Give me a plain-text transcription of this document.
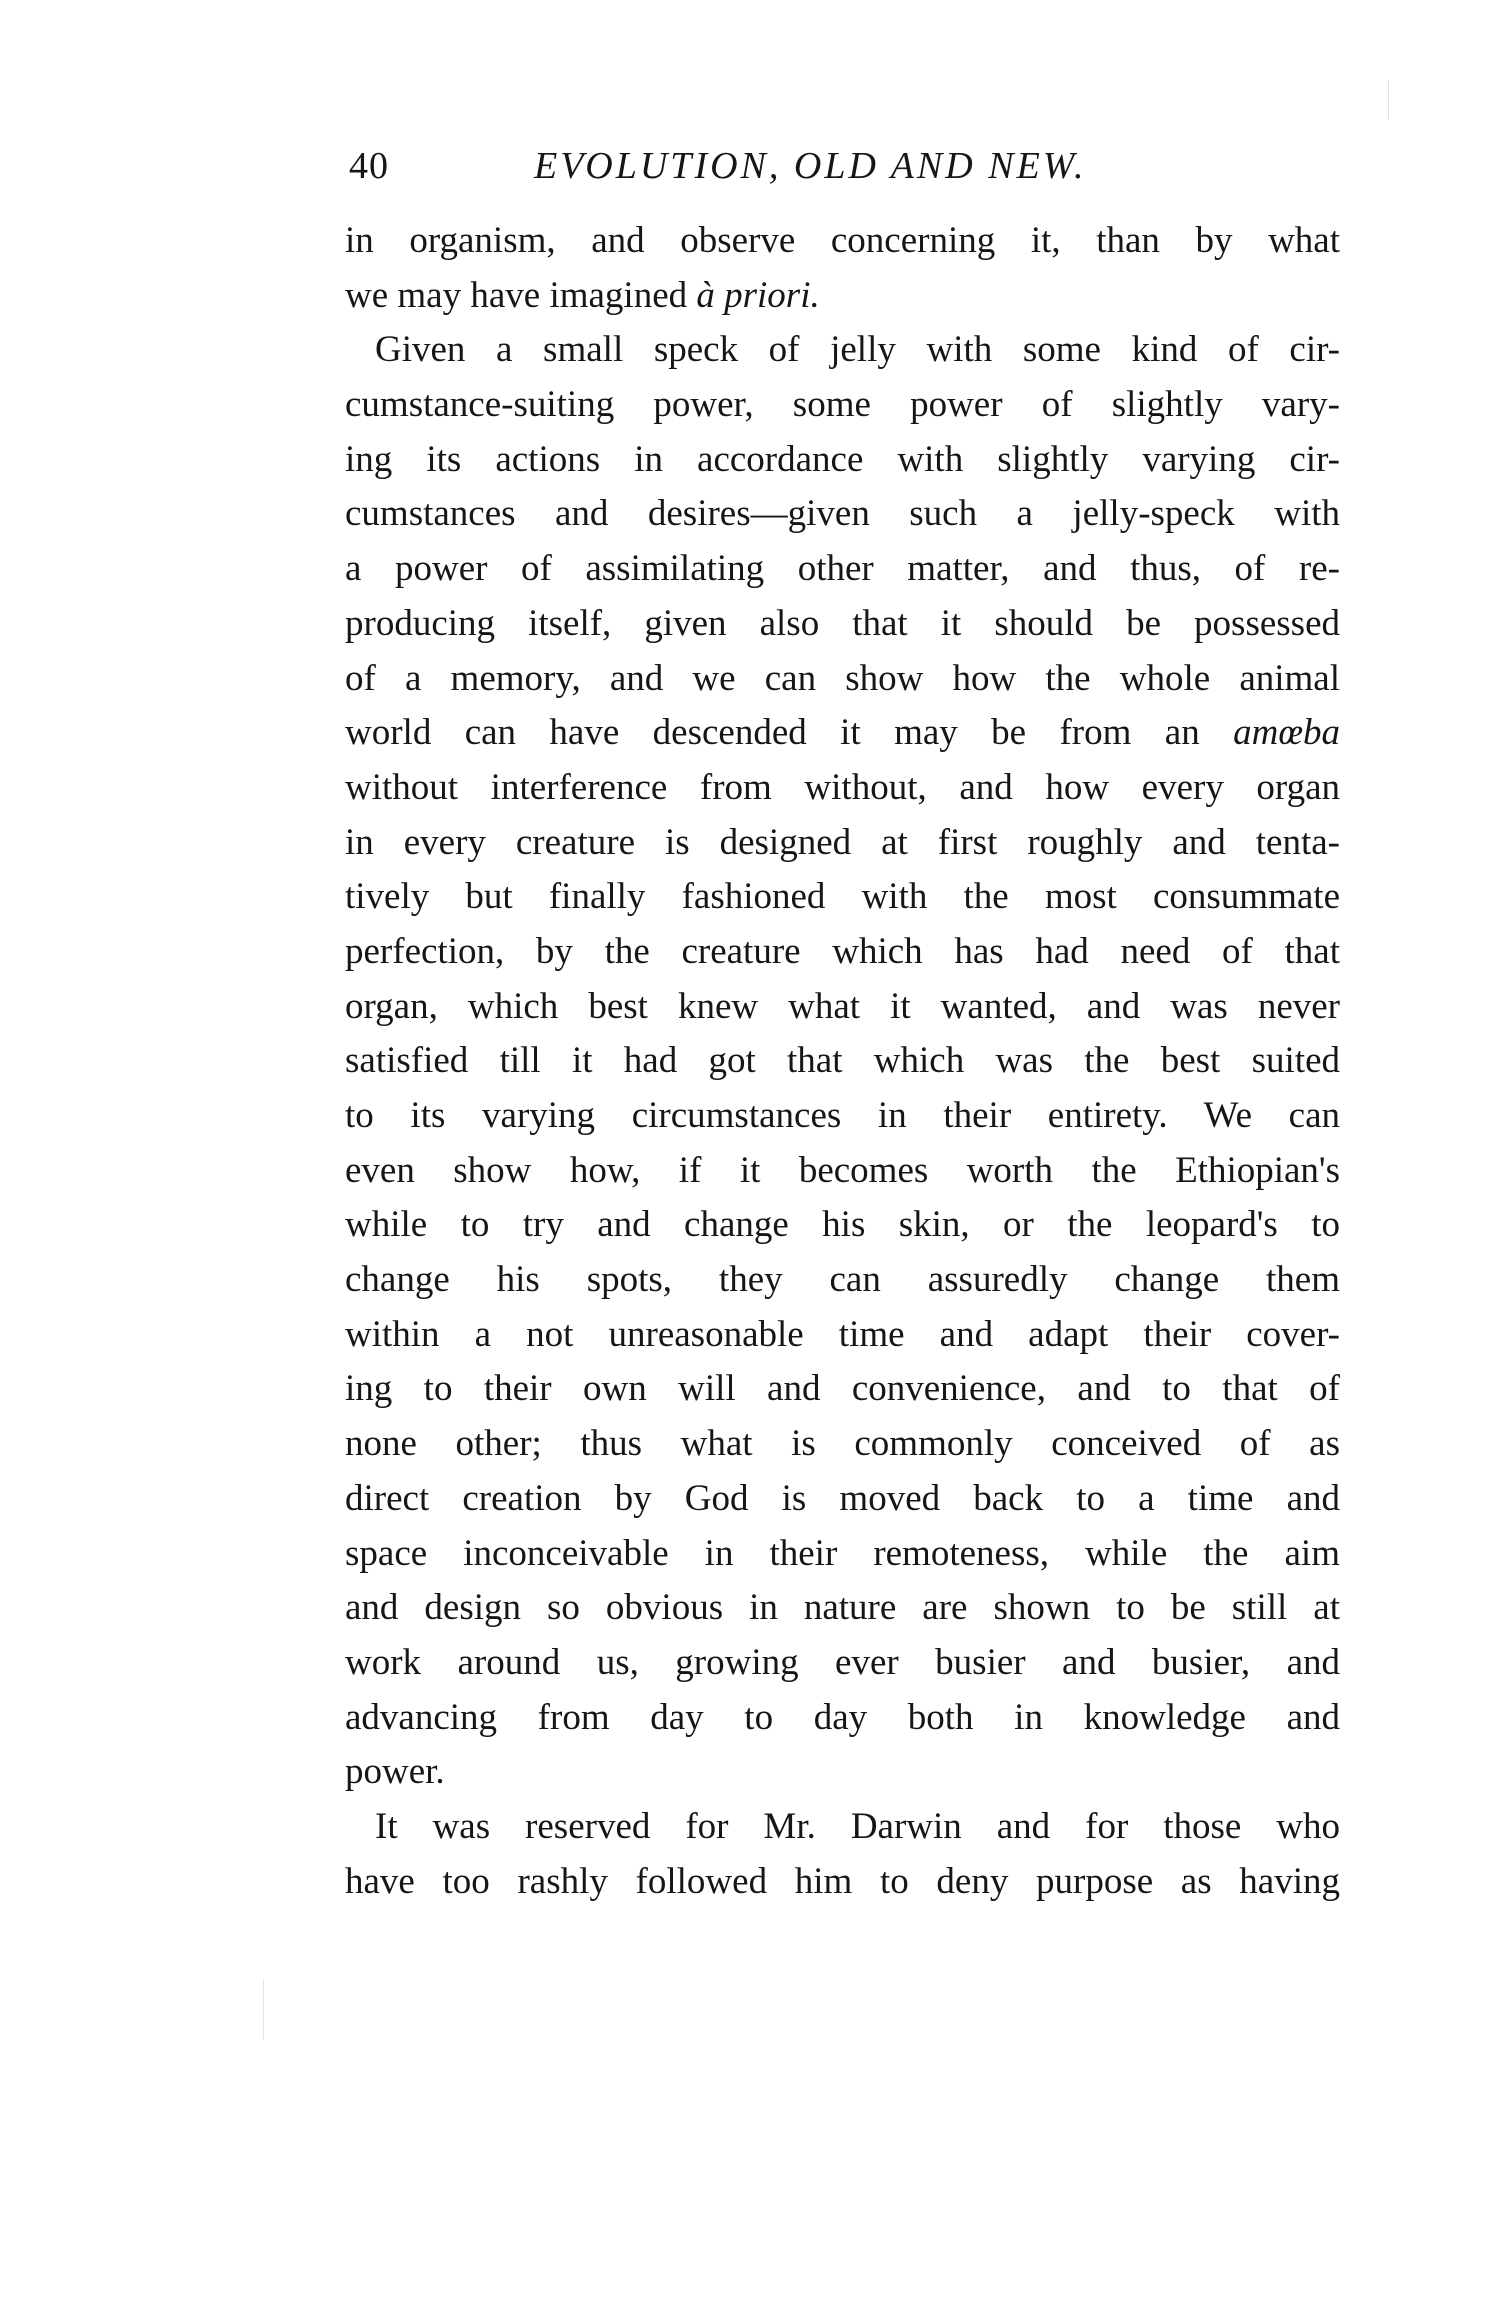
40	EVOLUTION, OLD AND NEW.
in organism, and observe concerning it, than by what
we may have imagined à priori.
Given a small speck of jelly with some kind of cir-
cumstance-suiting power, some power of slightly vary-
ing its actions in accordance with slightly varying cir-
cumstances and desires—given such a jelly-speck with
a power of assimilating other matter, and thus, of re-
producing itself, given also that it should be possessed
of a memory, and we can show how the whole animal
world can have descended it may be from an amœba
without interference from without, and how every organ
in every creature is designed at first roughly and tenta-
tively but finally fashioned with the most consummate
perfection, by the creature which has had need of that
organ, which best knew what it wanted, and was never
satisfied till it had got that which was the best suited
to its varying circumstances in their entirety. We can
even show how, if it becomes worth the Ethiopian's
while to try and change his skin, or the leopard's to
change his spots, they can assuredly change them
within a not unreasonable time and adapt their cover-
ing to their own will and convenience, and to that of
none other; thus what is commonly conceived of as
direct creation by God is moved back to a time and
space inconceivable in their remoteness, while the aim
and design so obvious in nature are shown to be still at
work around us, growing ever busier and busier, and
advancing from day to day both in knowledge and
power.
It was reserved for Mr. Darwin and for those who
have too rashly followed him to deny purpose as having
